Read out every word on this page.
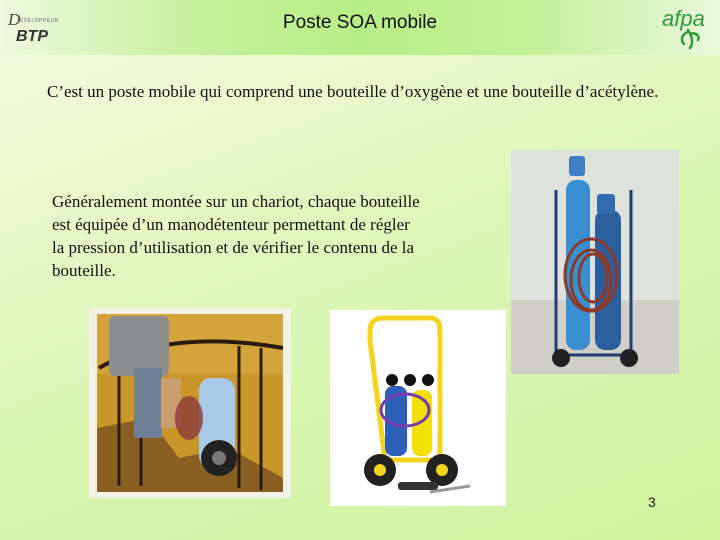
D ÉVELOPPEUR
BTP
Poste SOA mobile	afpa
C’est un poste mobile qui comprend une bouteille d’oxygène et une bouteille d’acétylène.
Généralement montée sur un chariot, chaque bouteille est équipée d’un manodétenteur permettant de régler la pression d’utilisation et de vérifier le contenu de la bouteille.
3
